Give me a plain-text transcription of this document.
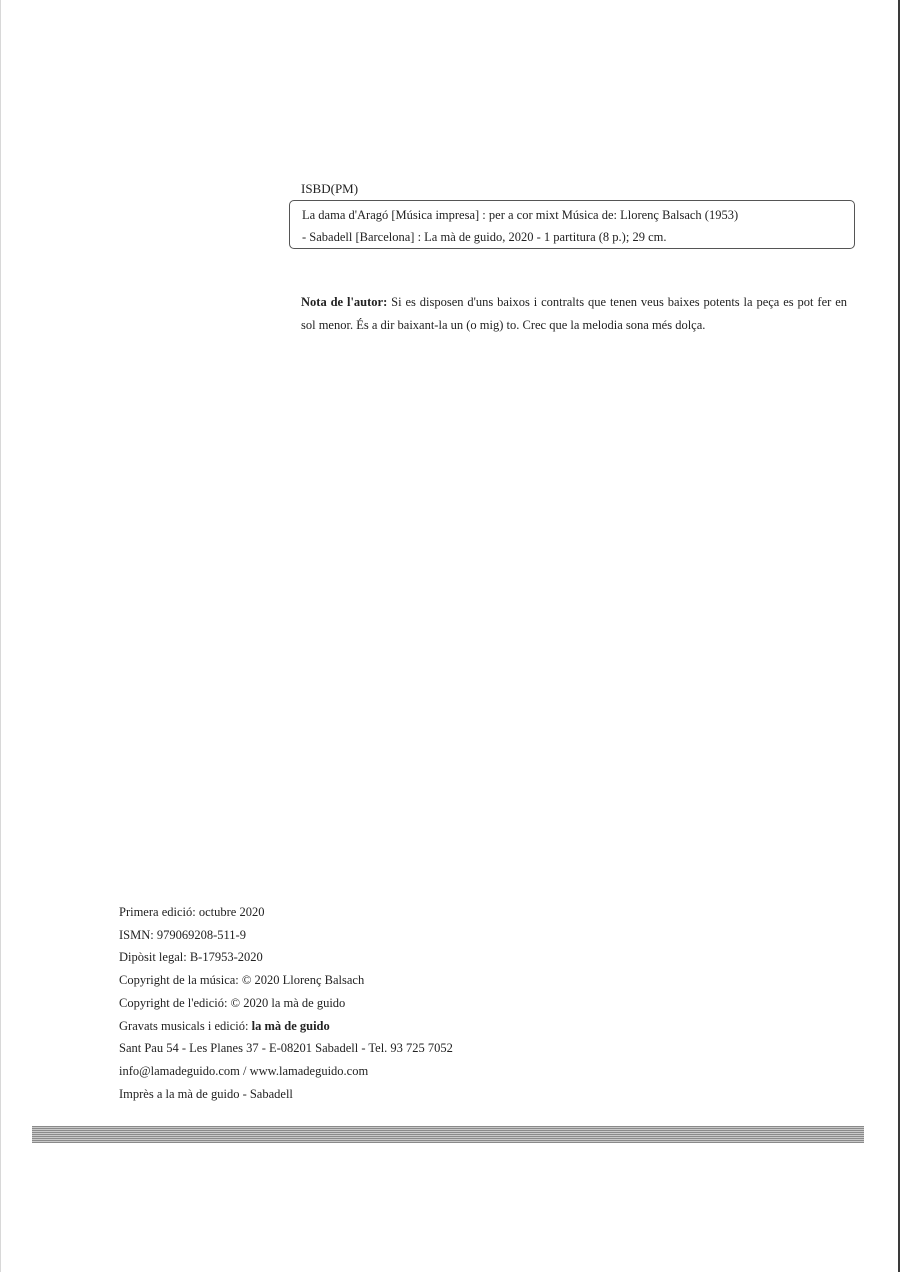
ISBD(PM)
La dama d'Aragó [Música impresa] : per a cor mixt Música de: Llorenç Balsach (1953)
- Sabadell [Barcelona] : La mà de guido, 2020 - 1 partitura (8 p.); 29 cm.
Nota de l'autor: Si es disposen d'uns baixos i contralts que tenen veus baixes potents la peça es pot fer en sol menor. És a dir baixant-la un (o mig) to. Crec que la melodia sona més dolça.
Primera edició: octubre 2020
ISMN: 979069208-511-9
Dipòsit legal: B-17953-2020
Copyright de la música: © 2020 Llorenç Balsach
Copyright de l'edició: © 2020 la mà de guido
Gravats musicals i edició: la mà de guido
Sant Pau 54 - Les Planes 37 - E-08201 Sabadell - Tel. 93 725 7052
info@lamadeguido.com / www.lamadeguido.com
Imprès a la mà de guido - Sabadell
